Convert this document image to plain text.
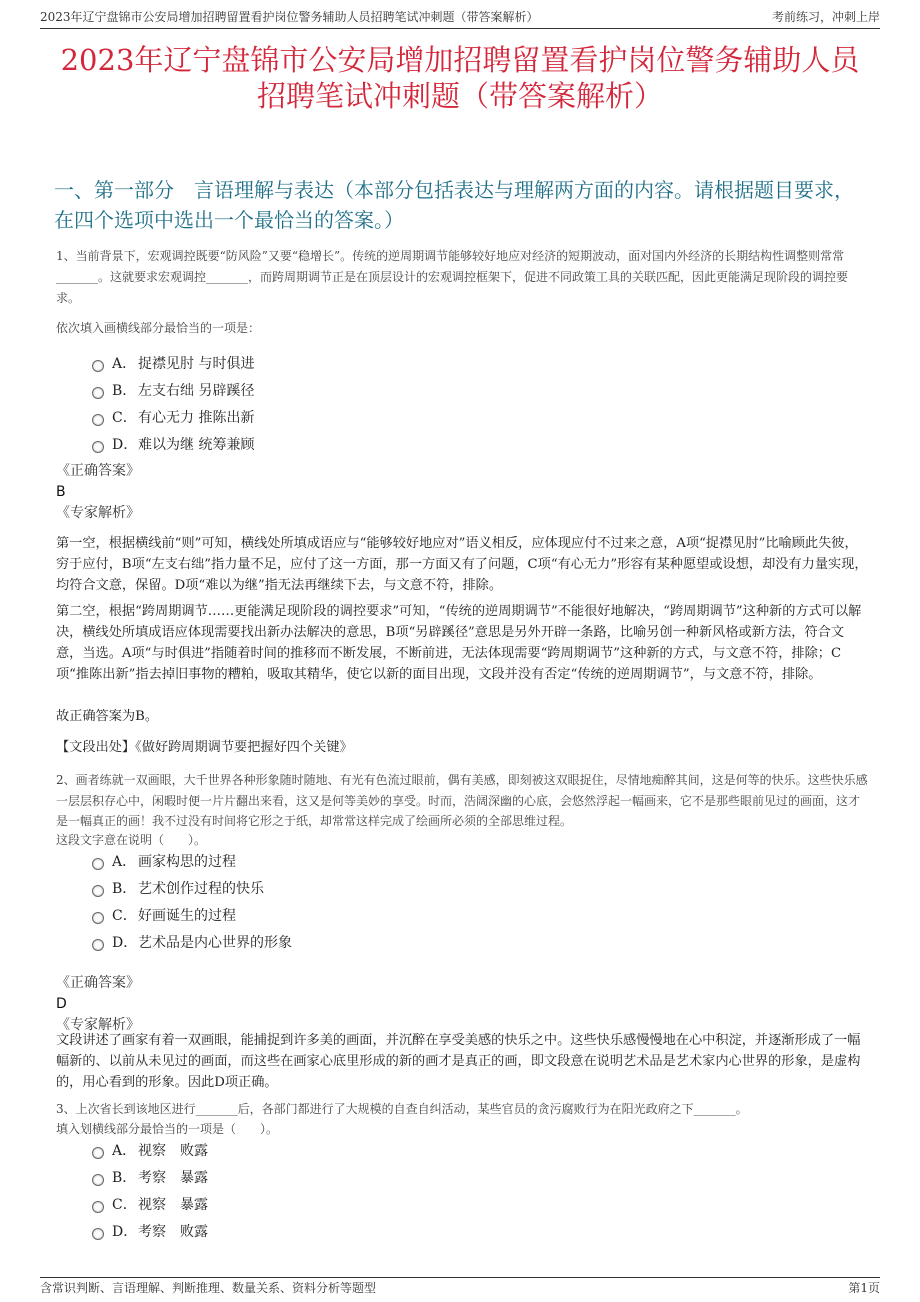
2023年辽宁盘锦市公安局增加招聘留置看护岗位警务辅助人员招聘笔试冲刺题（带答案解析）	考前练习，冲刺上岸
2023年辽宁盘锦市公安局增加招聘留置看护岗位警务辅助人员招聘笔试冲刺题（带答案解析）
一、第一部分　言语理解与表达（本部分包括表达与理解两方面的内容。请根据题目要求，在四个选项中选出一个最恰当的答案。）
1、当前背景下，宏观调控既要“防风险”又要“稳增长”。传统的逆周期调节能够较好地应对经济的短期波动，面对国内外经济的长期结构性调整则常常_______。这就要求宏观调控_______，而跨周期调节正是在顶层设计的宏观调控框架下，促进不同政策工具的关联匹配，因此更能满足现阶段的调控要求。
依次填入画横线部分最恰当的一项是：
A． 捉襟见肘 与时俱进
B． 左支右绌 另辟蹊径
C． 有心无力 推陈出新
D． 难以为继 统筹兼顾
《正确答案》
B
《专家解析》
第一空，根据横线前“则”可知，横线处所填成语应与“能够较好地应对”语义相反，应体现应付不过来之意，A项“捉襟见肘”比喻顾此失彼，穷于应付，B项“左支右绌”指力量不足，应付了这一方面，那一方面又有了问题，C项“有心无力”形容有某种愿望或设想，却没有力量实现，均符合文意，保留。D项“难以为继”指无法再继续下去，与文意不符，排除。
第二空，根据“跨周期调节……更能满足现阶段的调控要求”可知，“传统的逆周期调节”不能很好地解决，“跨周期调节”这种新的方式可以解决，横线处所填成语应体现需要找出新办法解决的意思，B项“另辟蹊径”意思是另外开辟一条路，比喻另创一种新风格或新方法，符合文意，当选。A项“与时俱进”指随着时间的推移而不断发展，不断前进，无法体现需要“跨周期调节”这种新的方式，与文意不符，排除；C项“推陈出新”指去掉旧事物的糟粕，吸取其精华，使它以新的面目出现，文段并没有否定“传统的逆周期调节”，与文意不符，排除。
故正确答案为B。
【文段出处】《做好跨周期调节要把握好四个关键》
2、画者练就一双画眼，大千世界各种形象随时随地、有光有色流过眼前，偶有美感，即刻被这双眼捉住，尽情地痴醉其间，这是何等的快乐。这些快乐感一层层积存心中，闲暇时便一片片翻出来看，这又是何等美妙的享受。时而，浩阔深幽的心底，会悠然浮起一幅画来，它不是那些眼前见过的画面，这才是一幅真正的画！我不过没有时间将它形之于纸，却常常这样完成了绘画所必须的全部思维过程。
这段文字意在说明（　　）。
A． 画家构思的过程
B． 艺术创作过程的快乐
C． 好画诞生的过程
D． 艺术品是内心世界的形象
《正确答案》
D
《专家解析》
文段讲述了画家有着一双画眼，能捕捉到许多美的画面，并沉醉在享受美感的快乐之中。这些快乐感慢慢地在心中积淀，并逐渐形成了一幅幅新的、以前从未见过的画面，而这些在画家心底里形成的新的画才是真正的画，即文段意在说明艺术品是艺术家内心世界的形象，是虚构的，用心看到的形象。因此D项正确。
3、上次省长到该地区进行_______后，各部门都进行了大规模的自查自纠活动，某些官员的贪污腐败行为在阳光政府之下_______。
填入划横线部分最恰当的一项是（　　）。
A． 视察　败露
B． 考察　暴露
C． 视察　暴露
D． 考察　败露
含常识判断、言语理解、判断推理、数量关系、资料分析等题型	第1页
